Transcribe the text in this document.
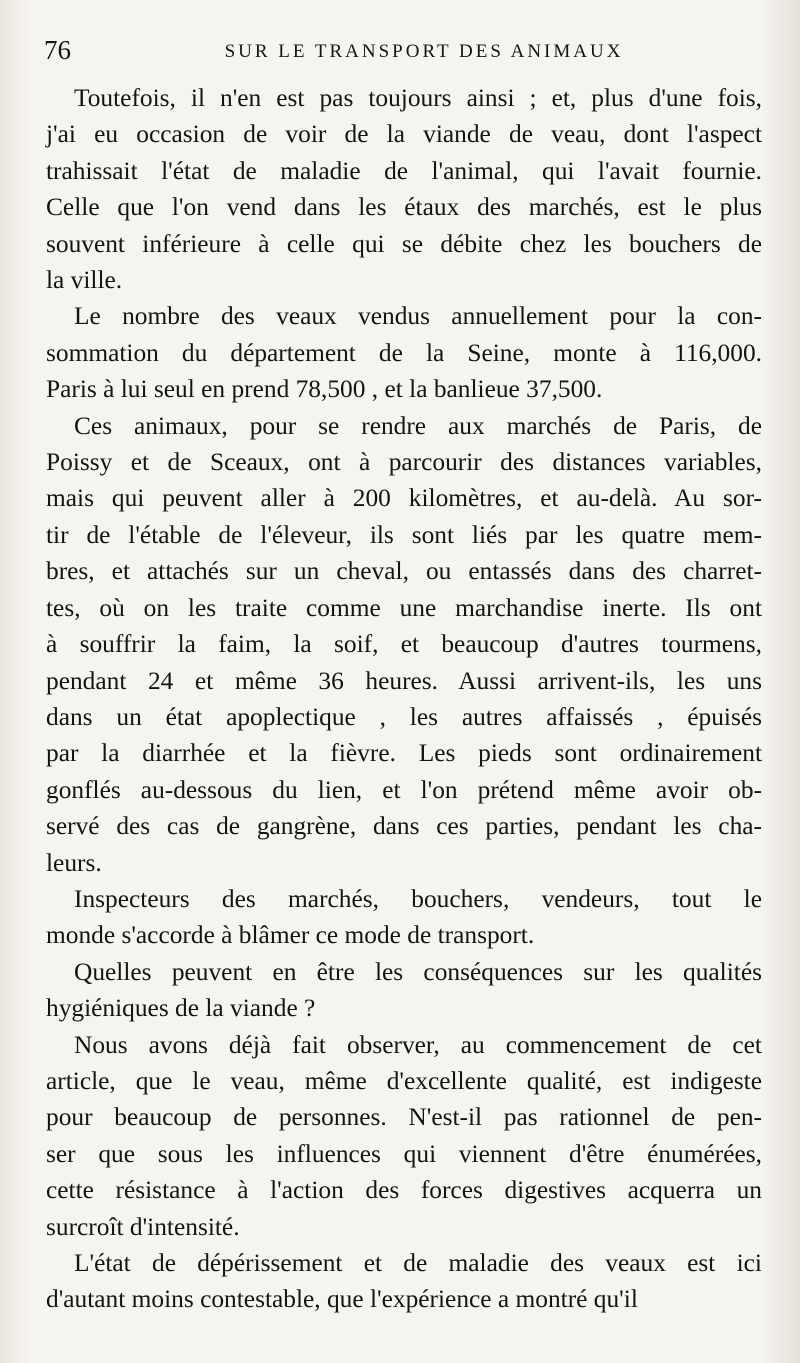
76	SUR LE TRANSPORT DES ANIMAUX

Toutefois, il n'en est pas toujours ainsi ; et, plus d'une fois,
j'ai eu occasion de voir de la viande de veau, dont l'aspect
trahissait l'état de maladie de l'animal, qui l'avait fournie.
Celle que l'on vend dans les étaux des marchés, est le plus
souvent inférieure à celle qui se débite chez les bouchers de
la ville.

Le nombre des veaux vendus annuellement pour la con-
sommation du département de la Seine, monte à 116,000.
Paris à lui seul en prend 78,500 , et la banlieue 37,500.

Ces animaux, pour se rendre aux marchés de Paris, de
Poissy et de Sceaux, ont à parcourir des distances variables,
mais qui peuvent aller à 200 kilomètres, et au-delà. Au sor-
tir de l'étable de l'éleveur, ils sont liés par les quatre mem-
bres, et attachés sur un cheval, ou entassés dans des charret-
tes, où on les traite comme une marchandise inerte. Ils ont
à souffrir la faim, la soif, et beaucoup d'autres tourmens,
pendant 24 et même 36 heures. Aussi arrivent-ils, les uns
dans un état apoplectique , les autres affaissés , épuisés
par la diarrhée et la fièvre. Les pieds sont ordinairement
gonflés au-dessous du lien, et l'on prétend même avoir ob-
servé des cas de gangrène, dans ces parties, pendant les cha-
leurs.

Inspecteurs des marchés, bouchers, vendeurs, tout le
monde s'accorde à blâmer ce mode de transport.

Quelles peuvent en être les conséquences sur les qualités
hygiéniques de la viande ?

Nous avons déjà fait observer, au commencement de cet
article, que le veau, même d'excellente qualité, est indigeste
pour beaucoup de personnes. N'est-il pas rationnel de pen-
ser que sous les influences qui viennent d'être énumérées,
cette résistance à l'action des forces digestives acquerra un
surcroît d'intensité.

L'état de dépérissement et de maladie des veaux est ici
d'autant moins contestable, que l'expérience a montré qu'il
